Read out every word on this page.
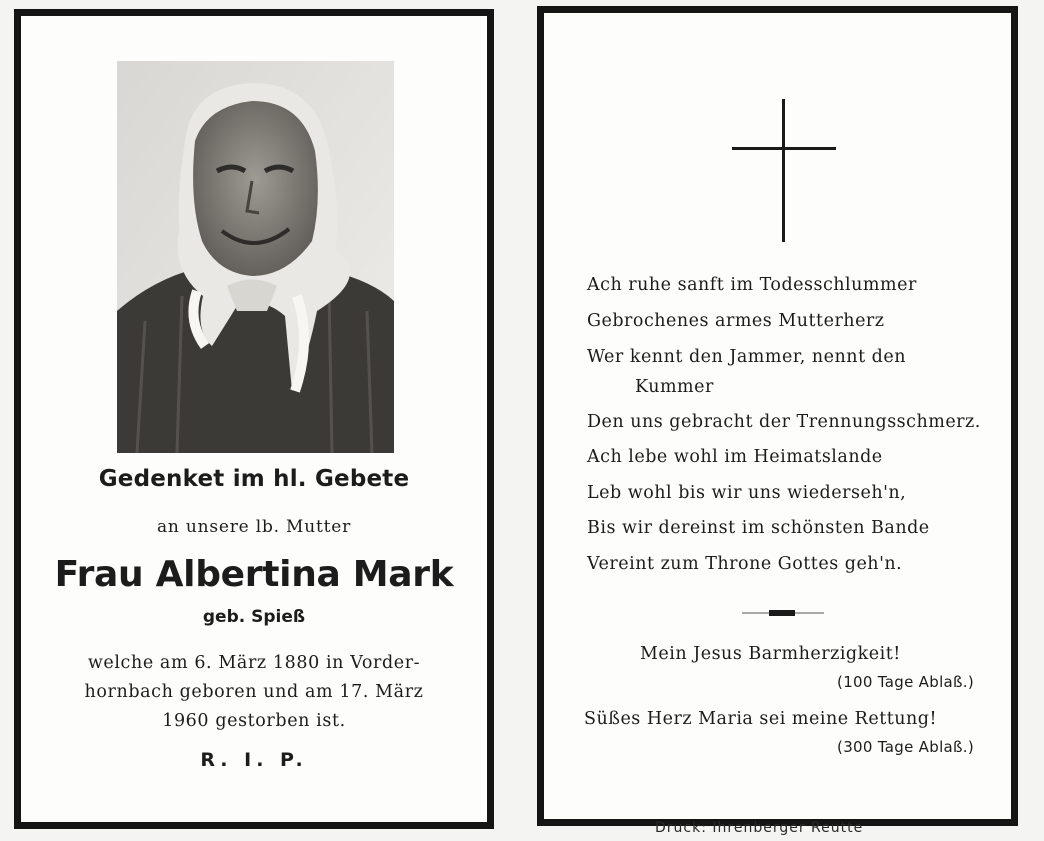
Gedenket im hl. Gebete
an unsere lb. Mutter
Frau Albertina Mark
geb. Spieß
welche am 6. März 1880 in Vorder-
hornbach geboren und am 17. März
1960 gestorben ist.
R. I. P.
Ach ruhe sanft im Todesschlummer
Gebrochenes armes Mutterherz
Wer kennt den Jammer, nennt den
Kummer
Den uns gebracht der Trennungsschmerz.
Ach lebe wohl im Heimatslande
Leb wohl bis wir uns wiederseh'n,
Bis wir dereinst im schönsten Bande
Vereint zum Throne Gottes geh'n.
Mein Jesus Barmherzigkeit!
(100 Tage Ablaß.)
Süßes Herz Maria sei meine Rettung!
(300 Tage Ablaß.)
Druck: Ihrenberger Reutte
